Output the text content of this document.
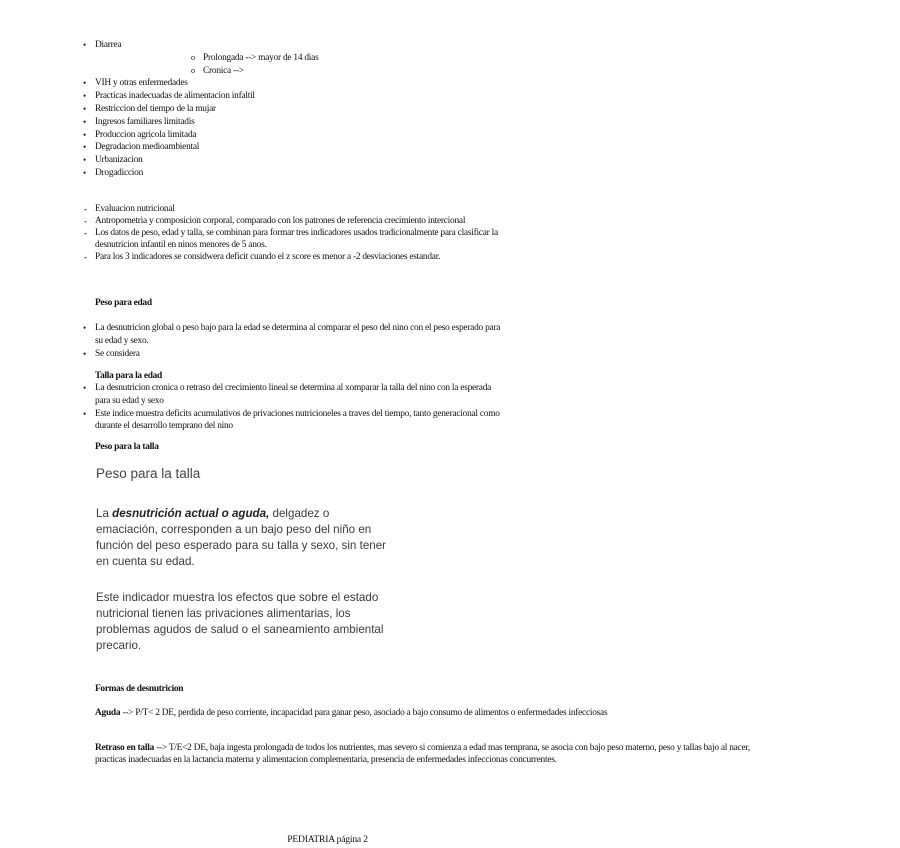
• Diarrea
o Prolongada --> mayor de 14 dias
o Cronica -->
• VIH y otras enfermedades
• Practicas inadecuadas de alimentacion infaltil
• Restriccion del tiempo de la mujar
• Ingresos familiares limitadis
• Produccion agricola limitada
• Degradacion medioambiental
• Urbanizacion
• Drogadiccion
- Evaluacion nutricional
- Antropometria y composicion corporal, comparado con los patrones de referencia crecimiento intercional
- Los datos de peso, edad y talla, se combinan para formar tres indicadores usados tradicionalmente para clasificar la desnutricion infantil en ninos menores de 5 anos.
- Para los 3 indicadores se considwera deficit cuando el z score es menor a -2 desviaciones estandar.
Peso para edad
• La desnutricion global o peso bajo para la edad se determina al comparar el peso del nino con el peso esperado para su edad y sexo.
• Se considera
Talla para la edad
• La desnutricion cronica o retraso del crecimiento lineal se determina al xomparar la talla del nino con la esperada para su edad y sexo
• Este indice muestra deficits acumulativos de privaciones nutricioneles a traves del tiempo, tanto generacional como durante el desarrollo temprano del nino
Peso para la talla
Peso para la talla
La desnutrición actual o aguda, delgadez o emaciación, corresponden a un bajo peso del niño en función del peso esperado para su talla y sexo, sin tener en cuenta su edad.
Este indicador muestra los efectos que sobre el estado nutricional tienen las privaciones alimentarias, los problemas agudos de salud o el saneamiento ambiental precario.
Formas de desnutricion
Aguda --> P/T< 2 DE, perdida de peso corriente, incapacidad para ganar peso, asociado a bajo consumo de alimentos o enfermedades infecciosas
Retraso en talla --> T/E<2 DE, baja ingesta prolongada de todos los nutrientes, mas severo si comienza a edad mas temprana, se asocia con bajo peso materno, peso y tallas bajo al nacer, practicas inadecuadas en la lactancia materna y alimentacion complementaria, presencia de enfermedades infeccionas concurrentes.
PEDIATRIA página 2
